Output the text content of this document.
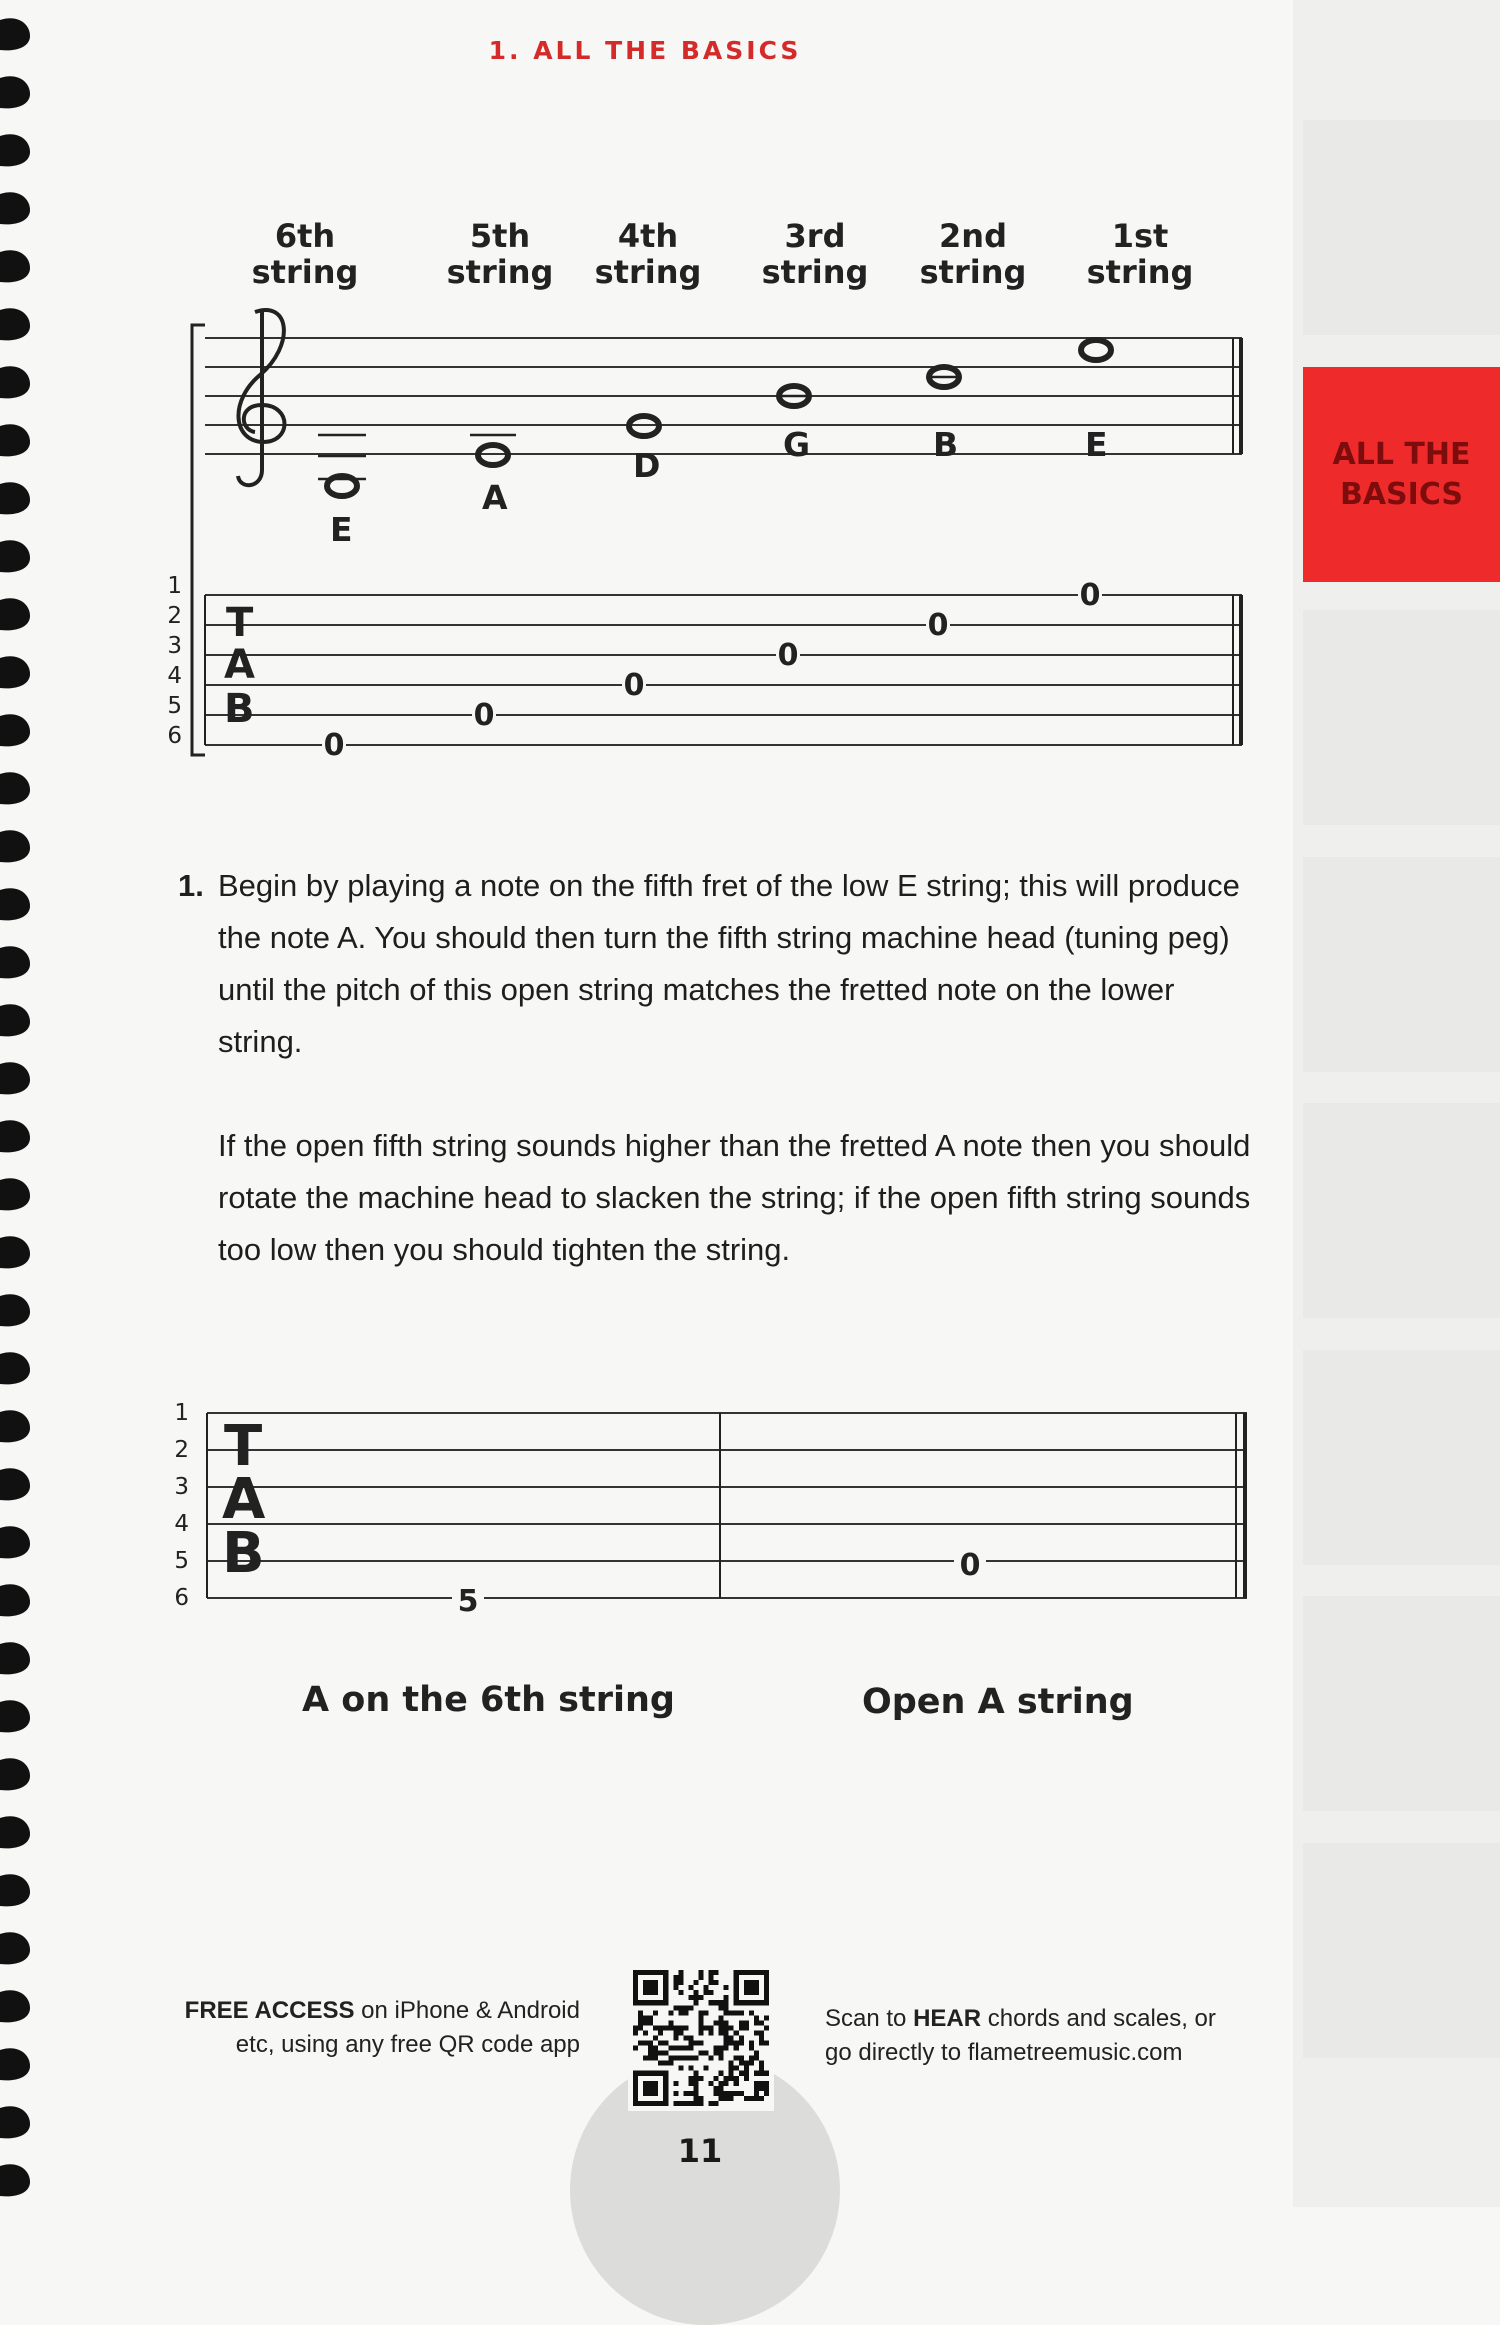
ALL THE
BASICS
1. ALL THE BASICS
6th
string
5th
string
4th
string
3rd
string
2nd
string
1st
string
T
A
B
0
0
0
0
0
0
E
A
D
G	B	E
1
2
3
4
5
6
1. Begin by playing a note on the fifth fret of the low E string; this will produce the note A. You should then turn the fifth string machine head (tuning peg) until the pitch of this open string matches the fretted note on the lower string.
If the open fifth string sounds higher than the fretted A note then you should rotate the machine head to slacken the string; if the open fifth string sounds too low then you should tighten the string.
T
A
B
5
0
1
2
3
4
5
6
A on the 6th string	Open A string
FREE ACCESS on iPhone & Android
etc, using any free QR code app
Scan to HEAR chords and scales, or
go directly to flametreemusic.com
11
